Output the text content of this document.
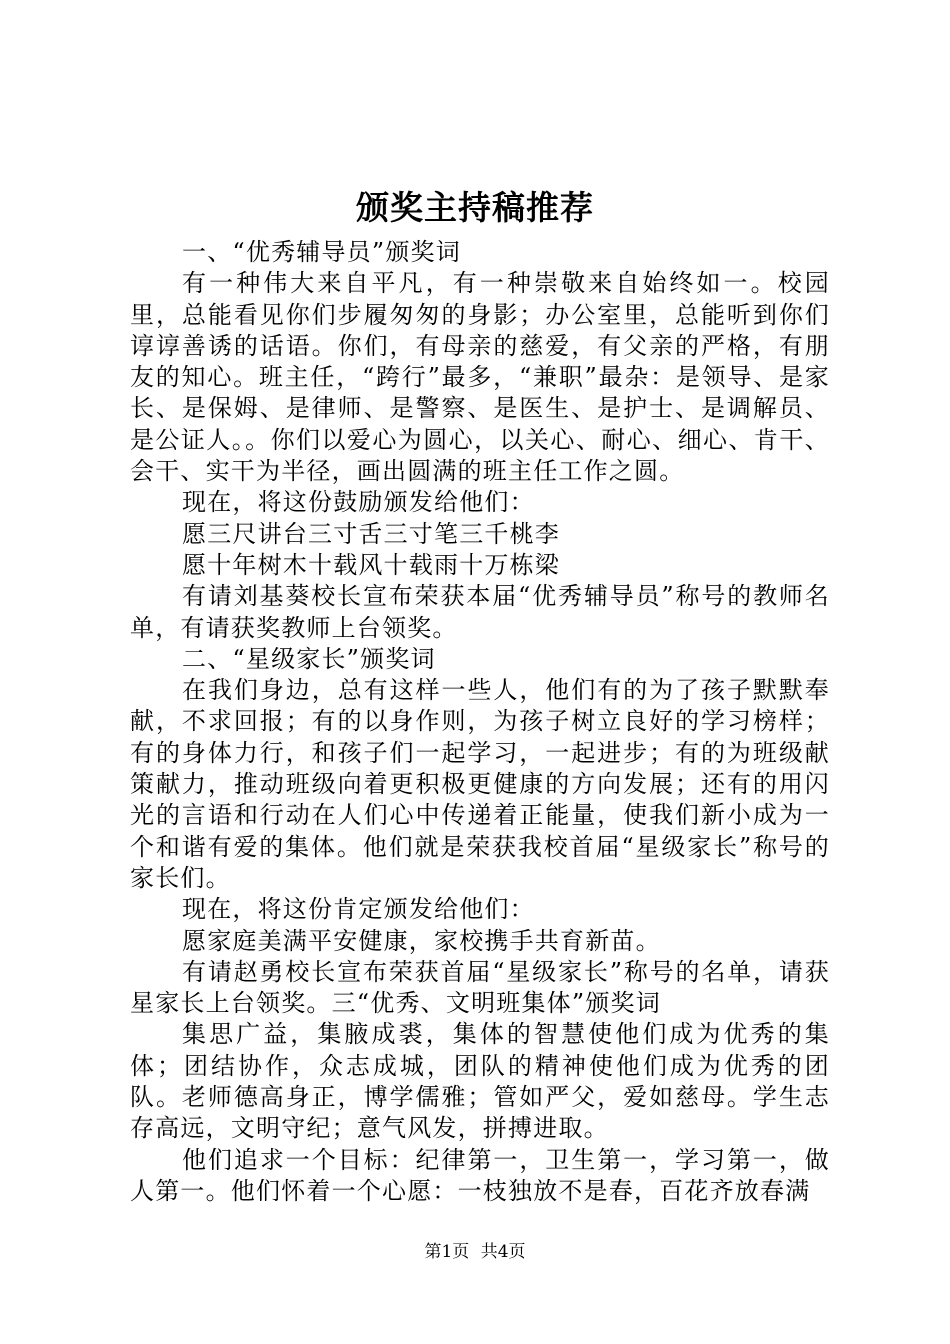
颁奖主持稿推荐

一、“优秀辅导员”颁奖词

有一种伟大来自平凡，有一种崇敬来自始终如一。校园里，总能看见你们步履匆匆的身影；办公室里，总能听到你们谆谆善诱的话语。你们，有母亲的慈爱，有父亲的严格，有朋友的知心。班主任，“跨行”最多，“兼职”最杂：是领导、是家长、是保姆、是律师、是警察、是医生、是护士、是调解员、是公证人。。你们以爱心为圆心，以关心、耐心、细心、肯干、会干、实干为半径，画出圆满的班主任工作之圆。

现在，将这份鼓励颁发给他们：

愿三尺讲台三寸舌三寸笔三千桃李

愿十年树木十载风十载雨十万栋梁

有请刘基葵校长宣布荣获本届“优秀辅导员”称号的教师名单，有请获奖教师上台领奖。

二、“星级家长”颁奖词

在我们身边，总有这样一些人，他们有的为了孩子默默奉献，不求回报；有的以身作则，为孩子树立良好的学习榜样；有的身体力行，和孩子们一起学习，一起进步；有的为班级献策献力，推动班级向着更积极更健康的方向发展；还有的用闪光的言语和行动在人们心中传递着正能量，使我们新小成为一个和谐有爱的集体。他们就是荣获我校首届“星级家长”称号的家长们。

现在，将这份肯定颁发给他们：

愿家庭美满平安健康，家校携手共育新苗。

有请赵勇校长宣布荣获首届“星级家长”称号的名单，请获星家长上台领奖。三“优秀、文明班集体”颁奖词

集思广益，集腋成裘，集体的智慧使他们成为优秀的集体；团结协作，众志成城，团队的精神使他们成为优秀的团队。老师德高身正，博学儒雅；管如严父，爱如慈母。学生志存高远，文明守纪；意气风发，拼搏进取。

他们追求一个目标：纪律第一，卫生第一，学习第一，做人第一。他们怀着一个心愿：一枝独放不是春，百花齐放春满

第1页 共4页
